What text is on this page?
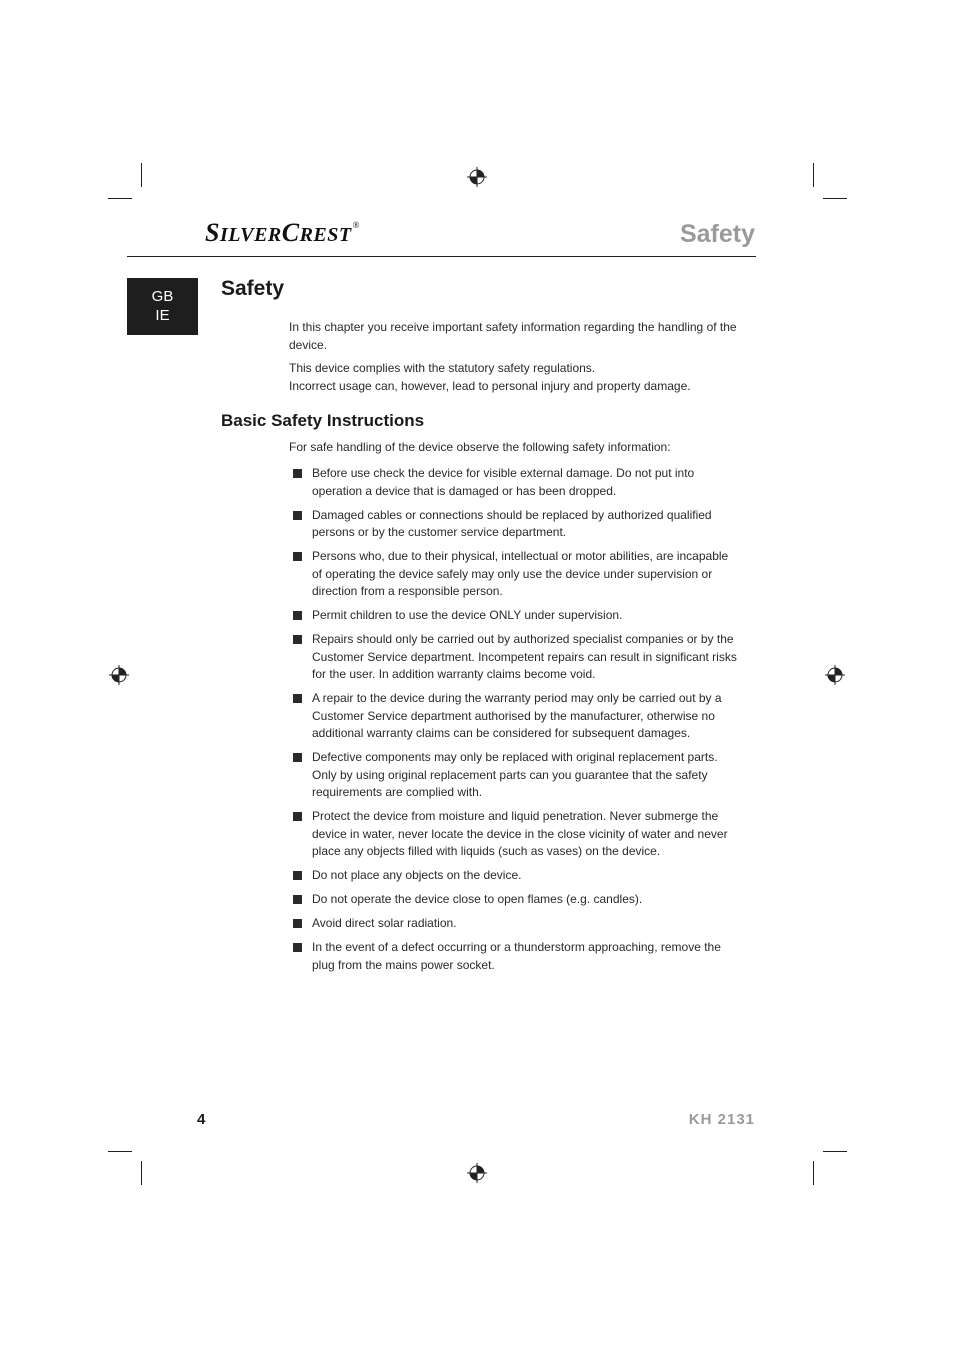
SILVERCREST®	Safety
GB
IE
Safety

In this chapter you receive important safety information regarding the handling of the device.

This device complies with the statutory safety regulations.
Incorrect usage can, however, lead to personal injury and property damage.

Basic Safety Instructions

For safe handling of the device observe the following safety information:

Before use check the device for visible external damage. Do not put into operation a device that is damaged or has been dropped.
Damaged cables or connections should be replaced by authorized qualified persons or by the customer service department.
Persons who, due to their physical, intellectual or motor abilities, are incapable of operating the device safely may only use the device under supervision or direction from a responsible person.
Permit children to use the device ONLY under supervision.
Repairs should only be carried out by authorized specialist companies or by the Customer Service department. Incompetent repairs can result in significant risks for the user. In addition warranty claims become void.
A repair to the device during the warranty period may only be carried out by a Customer Service department authorised by the manufacturer, otherwise no additional warranty claims can be considered for subsequent damages.
Defective components may only be replaced with original replacement parts. Only by using original replacement parts can you guarantee that the safety requirements are complied with.
Protect the device from moisture and liquid penetration. Never submerge the device in water, never locate the device in the close vicinity of water and never place any objects filled with liquids (such as vases) on the device.
Do not place any objects on the device.
Do not operate the device close to open flames (e.g. candles).
Avoid direct solar radiation.
In the event of a defect occurring or a thunderstorm approaching, remove the plug from the mains power socket.
4	KH 2131
